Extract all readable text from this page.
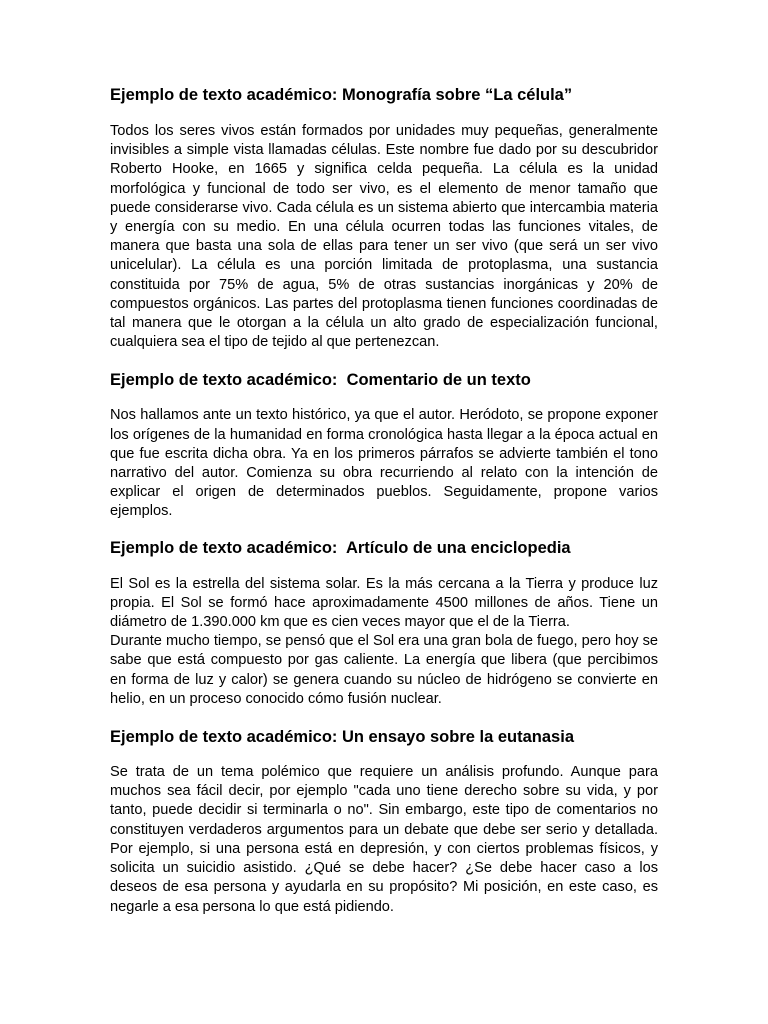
Ejemplo de texto académico: Monografía sobre “La célula”

Todos los seres vivos están formados por unidades muy pequeñas, generalmente invisibles a simple vista llamadas células. Este nombre fue dado por su descubridor Roberto Hooke, en 1665 y significa celda pequeña. La célula es la unidad morfológica y funcional de todo ser vivo, es el elemento de menor tamaño que puede considerarse vivo. Cada célula es un sistema abierto que intercambia materia y energía con su medio. En una célula ocurren todas las funciones vitales, de manera que basta una sola de ellas para tener un ser vivo (que será un ser vivo unicelular). La célula es una porción limitada de protoplasma, una sustancia constituida por 75% de agua, 5% de otras sustancias inorgánicas y 20% de compuestos orgánicos. Las partes del protoplasma tienen funciones coordinadas de tal manera que le otorgan a la célula un alto grado de especialización funcional, cualquiera sea el tipo de tejido al que pertenezcan.

Ejemplo de texto académico:  Comentario de un texto

Nos hallamos ante un texto histórico, ya que el autor. Heródoto, se propone exponer los orígenes de la humanidad en forma cronológica hasta llegar a la época actual en que fue escrita dicha obra. Ya en los primeros párrafos se advierte también el tono narrativo del autor. Comienza su obra recurriendo al relato con la intención de explicar el origen de determinados pueblos. Seguidamente, propone varios ejemplos.

Ejemplo de texto académico:  Artículo de una enciclopedia

El Sol es la estrella del sistema solar. Es la más cercana a la Tierra y produce luz propia. El Sol se formó hace aproximadamente 4500 millones de años. Tiene un diámetro de 1.390.000 km que es cien veces mayor que el de la Tierra.

Durante mucho tiempo, se pensó que el Sol era una gran bola de fuego, pero hoy se sabe que está compuesto por gas caliente. La energía que libera (que percibimos en forma de luz y calor) se genera cuando su núcleo de hidrógeno se convierte en helio, en un proceso conocido cómo fusión nuclear.

Ejemplo de texto académico: Un ensayo sobre la eutanasia

Se trata de un tema polémico que requiere un análisis profundo. Aunque para muchos sea fácil decir, por ejemplo "cada uno tiene derecho sobre su vida, y por tanto, puede decidir si terminarla o no". Sin embargo, este tipo de comentarios no constituyen verdaderos argumentos para un debate que debe ser serio y detallada.

Por ejemplo, si una persona está en depresión, y con ciertos problemas físicos, y solicita un suicidio asistido. ¿Qué se debe hacer? ¿Se debe hacer caso a los deseos de esa persona y ayudarla en su propósito? Mi posición, en este caso, es negarle a esa persona lo que está pidiendo.
